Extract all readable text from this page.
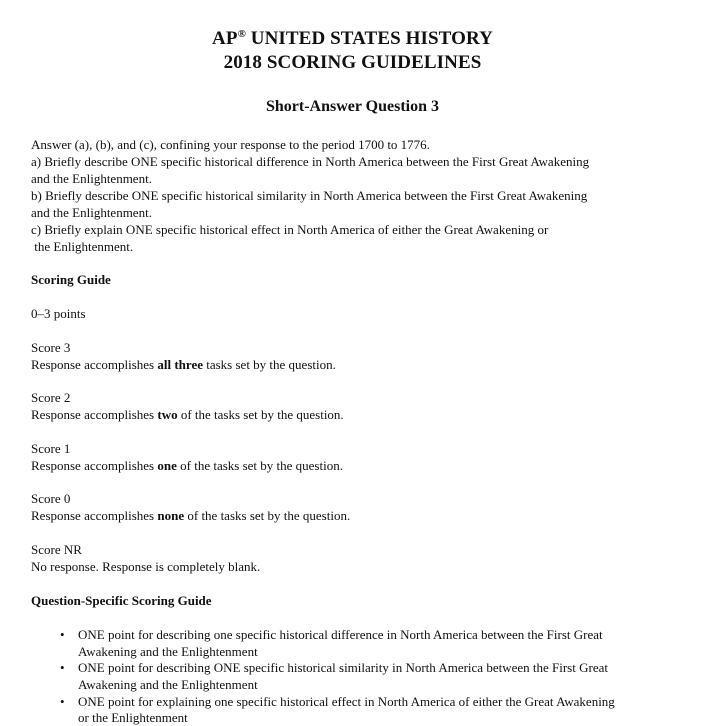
AP® UNITED STATES HISTORY
2018 SCORING GUIDELINES
Short-Answer Question 3
Answer (a), (b), and (c), confining your response to the period 1700 to 1776.
a) Briefly describe ONE specific historical difference in North America between the First Great Awakening
and the Enlightenment.
b) Briefly describe ONE specific historical similarity in North America between the First Great Awakening
and the Enlightenment.
c) Briefly explain ONE specific historical effect in North America of either the Great Awakening or
the Enlightenment.
Scoring Guide
0–3 points
Score 3
Response accomplishes all three tasks set by the question.
Score 2
Response accomplishes two of the tasks set by the question.
Score 1
Response accomplishes one of the tasks set by the question.
Score 0
Response accomplishes none of the tasks set by the question.
Score NR
No response. Response is completely blank.
Question-Specific Scoring Guide
• ONE point for describing one specific historical difference in North America between the First Great
Awakening and the Enlightenment
• ONE point for describing ONE specific historical similarity in North America between the First Great
Awakening and the Enlightenment
• ONE point for explaining one specific historical effect in North America of either the Great Awakening
or the Enlightenment
